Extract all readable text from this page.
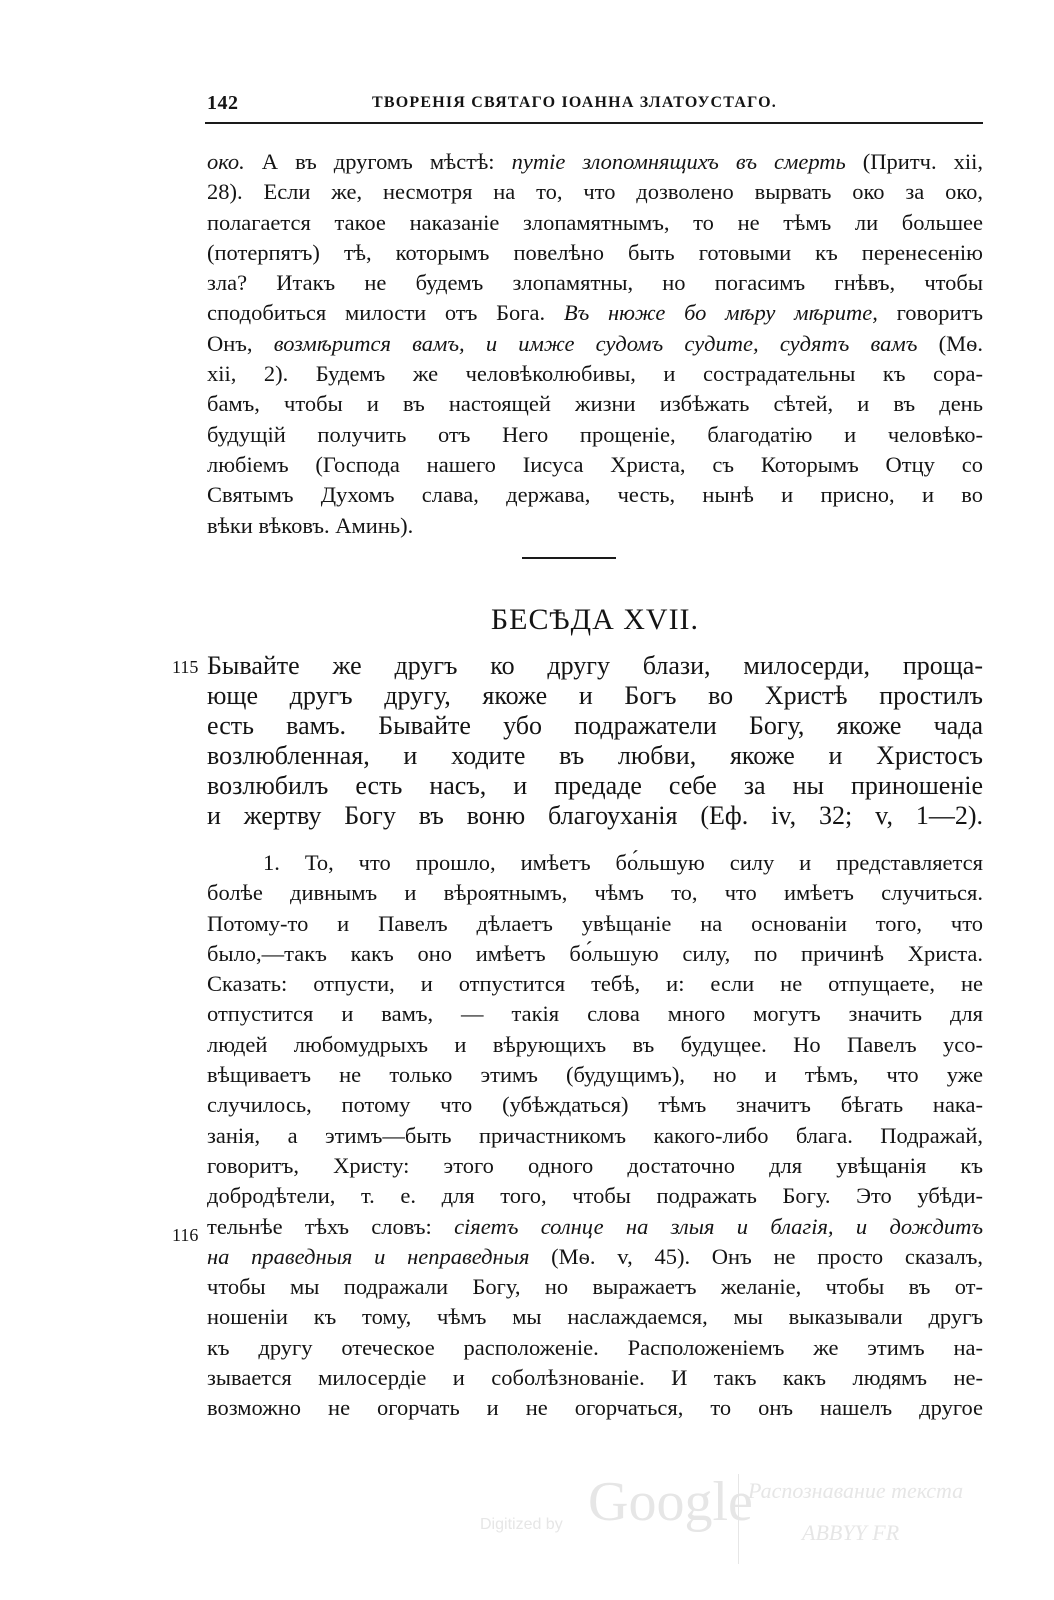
142	ТВОРЕНІЯ СВЯТАГО ІОАННА ЗЛАТОУСТАГО.
око. А въ другомъ мѣстѣ: путіе злопомнящихъ въ смерть (Притч. xii,
28). Если же, несмотря на то, что дозволено вырвать око за око,
полагается такое наказаніе злопамятнымъ, то не тѣмъ ли большее
(потерпятъ) тѣ, которымъ повелѣно быть готовыми къ перенесенію
зла? Итакъ не будемъ злопамятны, но погасимъ гнѣвъ, чтобы
сподобиться милости отъ Бога. Въ нюже бо мѣру мѣрите, говоритъ
Онъ, возмѣрится вамъ, и имже судомъ судите, судятъ вамъ (Мѳ.
xii, 2). Будемъ же человѣколюбивы, и сострадательны къ сора-
бамъ, чтобы и въ настоящей жизни избѣжать сѣтей, и въ день
будущій получить отъ Него прощеніе, благодатію и человѣко-
любіемъ (Господа нашего Іисуса Христа, съ Которымъ Отцу со
Святымъ Духомъ слава, держава, честь, нынѣ и присно, и во
вѣки вѣковъ. Аминь).
БЕСѢДА XVII.
115 Бывайте же другъ ко другу блази, милосерди, проща-
юще другъ другу, якоже и Богъ во Христѣ простилъ
есть вамъ. Бывайте убо подражатели Богу, якоже чада
возлюбленная, и ходите въ любви, якоже и Христосъ
возлюбилъ есть насъ, и предаде себе за ны приношеніе
и жертву Богу въ воню благоуханія (Еф. iv, 32; v, 1—2).
116
1. То, что прошло, имѣетъ бо́льшую силу и представляется
болѣе дивнымъ и вѣроятнымъ, чѣмъ то, что имѣетъ случиться.
Потому-то и Павелъ дѣлаетъ увѣщаніе на основаніи того, что
было,—такъ какъ оно имѣетъ бо́льшую силу, по причинѣ Христа.
Сказать: отпусти, и отпустится тебѣ, и: если не отпущаете, не
отпустится и вамъ, — такія слова много могутъ значить для
людей любомудрыхъ и вѣрующихъ въ будущее. Но Павелъ усо-
вѣщиваетъ не только этимъ (будущимъ), но и тѣмъ, что уже
случилось, потому что (убѣждаться) тѣмъ значитъ бѣгать нака-
занія, а этимъ—быть причастникомъ какого-либо блага. Подражай,
говоритъ, Христу: этого одного достаточно для увѣщанія къ
добродѣтели, т. е. для того, чтобы подражать Богу. Это убѣди-
тельнѣе тѣхъ словъ: сіяетъ солнце на злыя и благія, и дождитъ
на праведныя и неправедныя (Мѳ. v, 45). Онъ не просто сказалъ,
чтобы мы подражали Богу, но выражаетъ желаніе, чтобы въ от-
ношеніи къ тому, чѣмъ мы наслаждаемся, мы выказывали другъ
къ другу отеческое расположеніе. Расположеніемъ же этимъ на-
зывается милосердіе и соболѣзнованіе. И такъ какъ людямъ не-
возможно не огорчать и не огорчаться, то онъ нашелъ другое
Digitized by Google
Распознавание текста
ABBYY FR
